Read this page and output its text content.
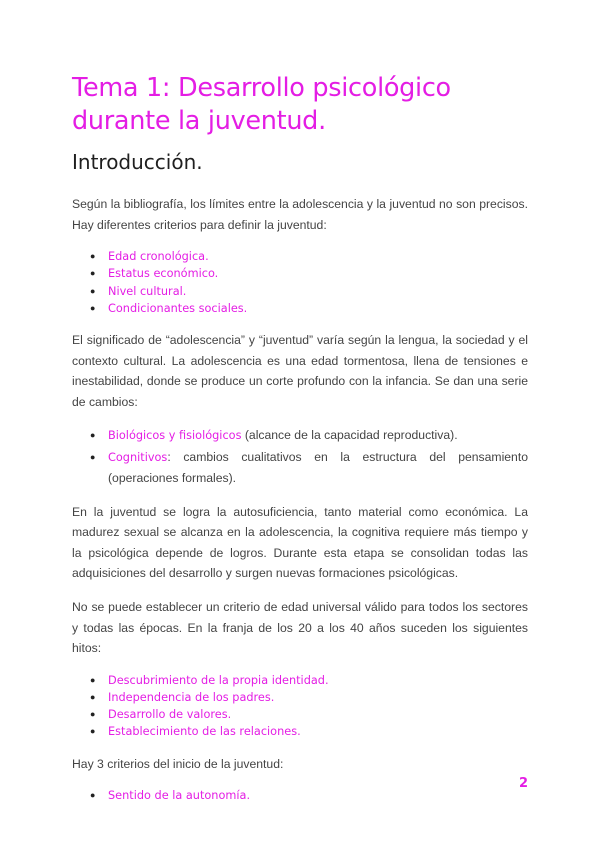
Tema 1: Desarrollo psicológico durante la juventud.
Introducción.

Según la bibliografía, los límites entre la adolescencia y la juventud no son precisos. Hay diferentes criterios para definir la juventud:

● Edad cronológica.
● Estatus económico.
● Nivel cultural.
● Condicionantes sociales.

El significado de “adolescencia” y “juventud” varía según la lengua, la sociedad y el contexto cultural. La adolescencia es una edad tormentosa, llena de tensiones e inestabilidad, donde se produce un corte profundo con la infancia. Se dan una serie de cambios:

● Biológicos y fisiológicos (alcance de la capacidad reproductiva).
● Cognitivos: cambios cualitativos en la estructura del pensamiento (operaciones formales).

En la juventud se logra la autosuficiencia, tanto material como económica. La madurez sexual se alcanza en la adolescencia, la cognitiva requiere más tiempo y la psicológica depende de logros. Durante esta etapa se consolidan todas las adquisiciones del desarrollo y surgen nuevas formaciones psicológicas.

No se puede establecer un criterio de edad universal válido para todos los sectores y todas las épocas. En la franja de los 20 a los 40 años suceden los siguientes hitos:

● Descubrimiento de la propia identidad.
● Independencia de los padres.
● Desarrollo de valores.
● Establecimiento de las relaciones.

Hay 3 criterios del inicio de la juventud:

● Sentido de la autonomía.
2
